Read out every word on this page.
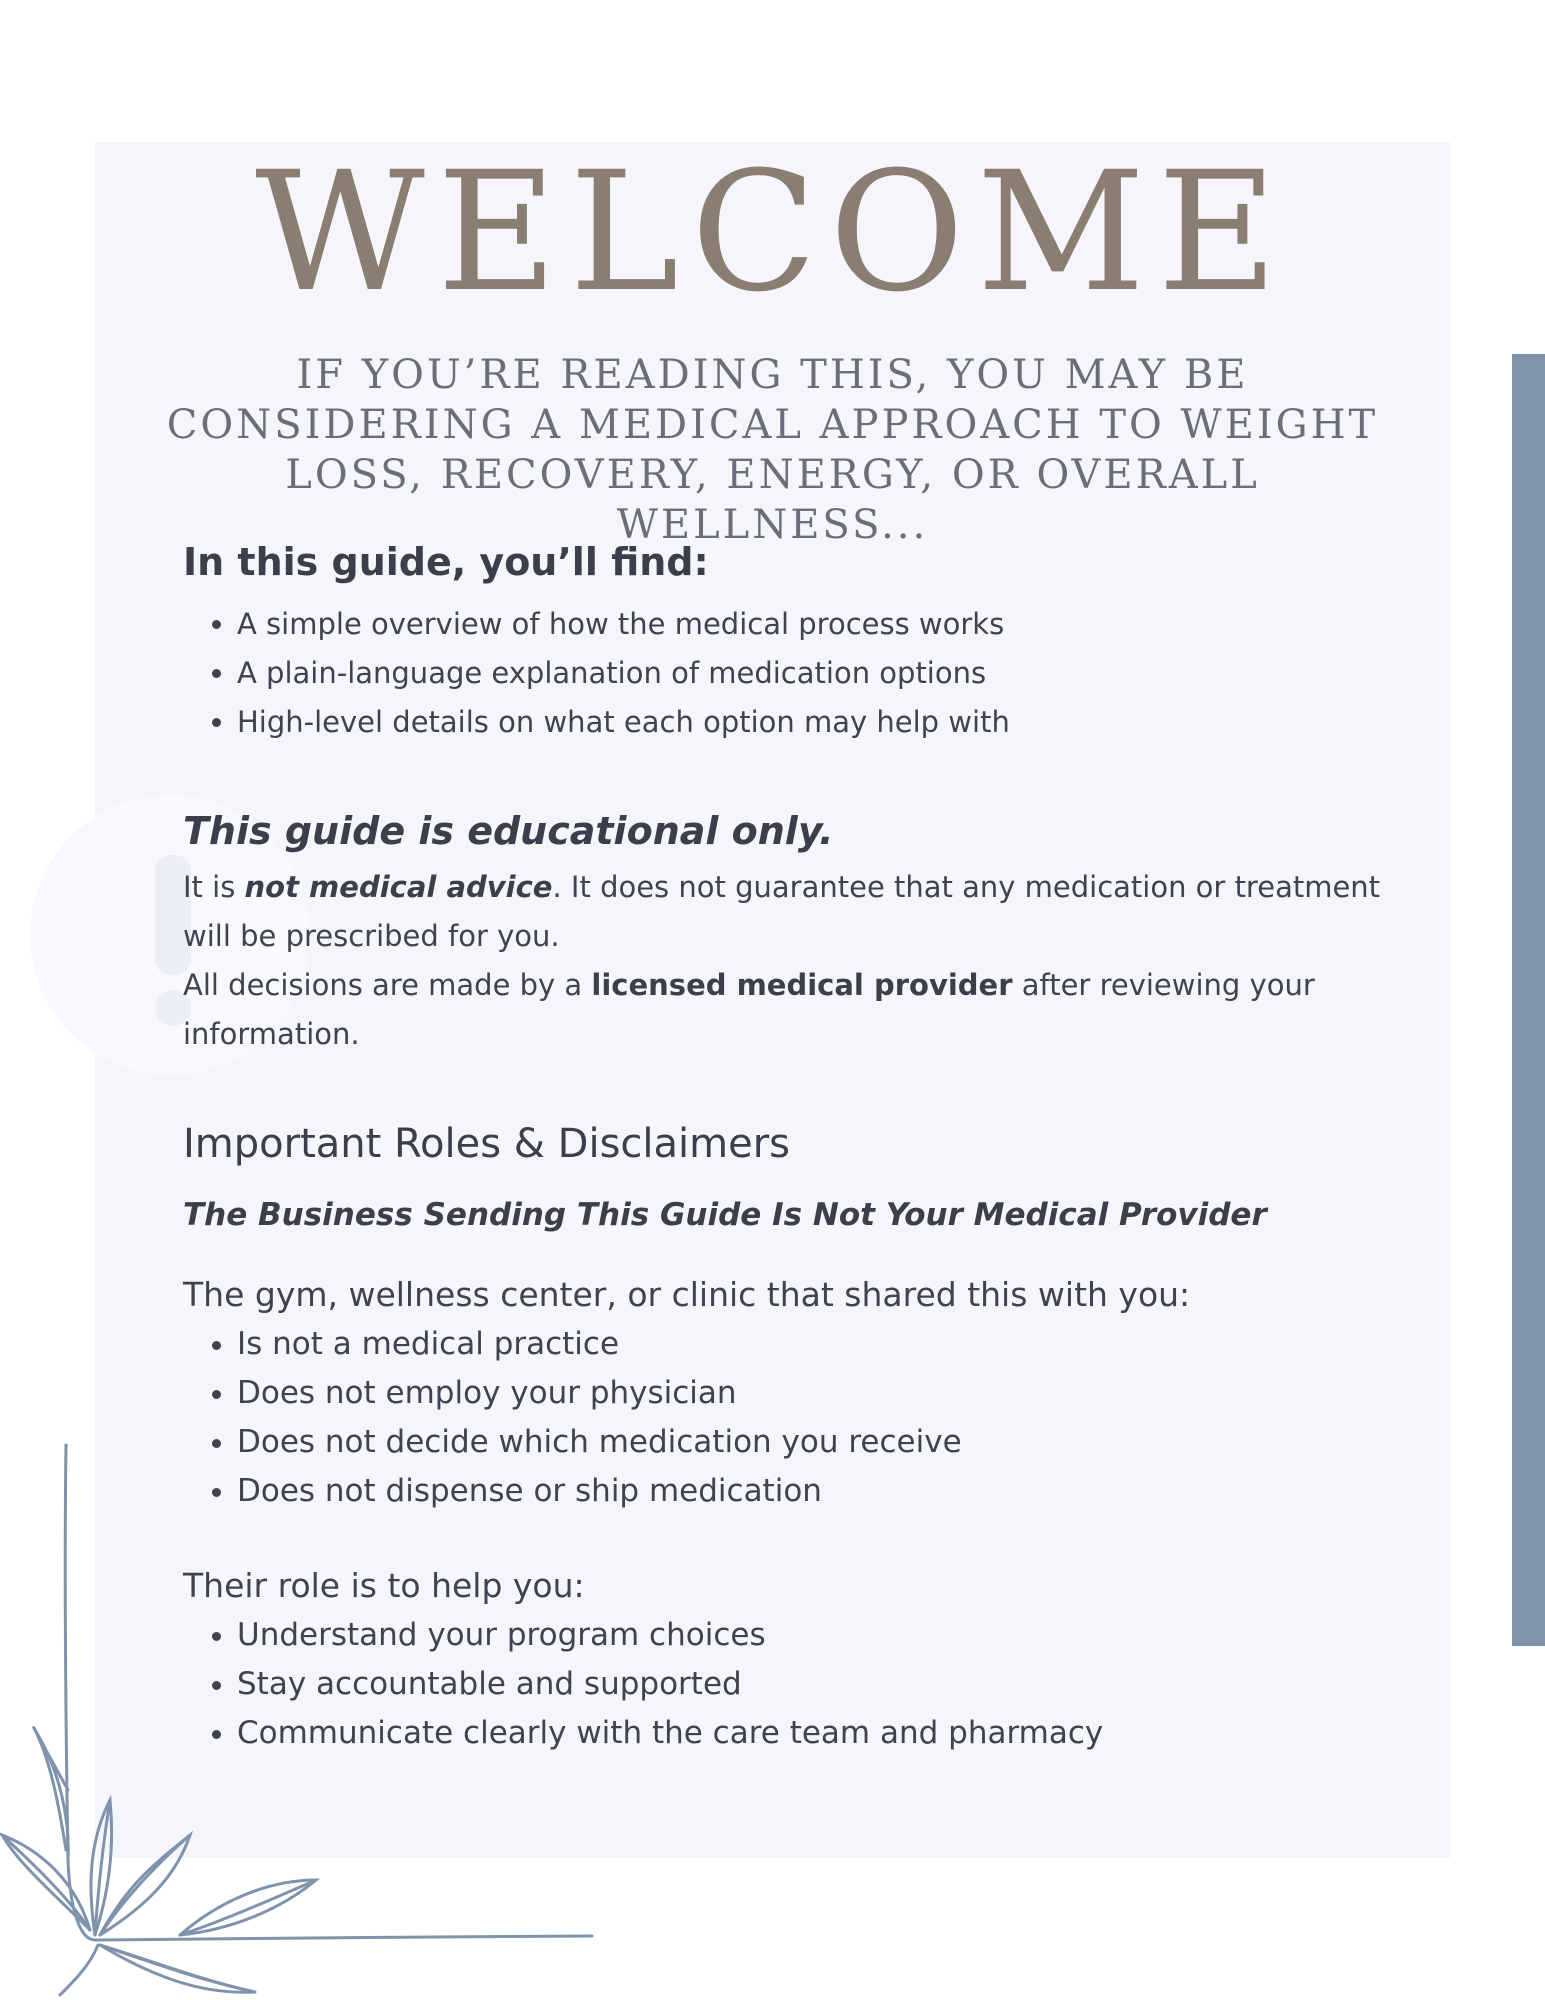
WELCOME
IF YOU’RE READING THIS, YOU MAY BE CONSIDERING A MEDICAL APPROACH TO WEIGHT LOSS, RECOVERY, ENERGY, OR OVERALL WELLNESS...
In this guide, you’ll find:
• A simple overview of how the medical process works
• A plain-language explanation of medication options
• High-level details on what each option may help with
This guide is educational only.

It is not medical advice. It does not guarantee that any medication or treatment will be prescribed for you.

All decisions are made by a licensed medical provider after reviewing your information.

Important Roles & Disclaimers
The Business Sending This Guide Is Not Your Medical Provider
The gym, wellness center, or clinic that shared this with you:
• Is not a medical practice
• Does not employ your physician
• Does not decide which medication you receive
• Does not dispense or ship medication
Their role is to help you:
• Understand your program choices
• Stay accountable and supported
• Communicate clearly with the care team and pharmacy
